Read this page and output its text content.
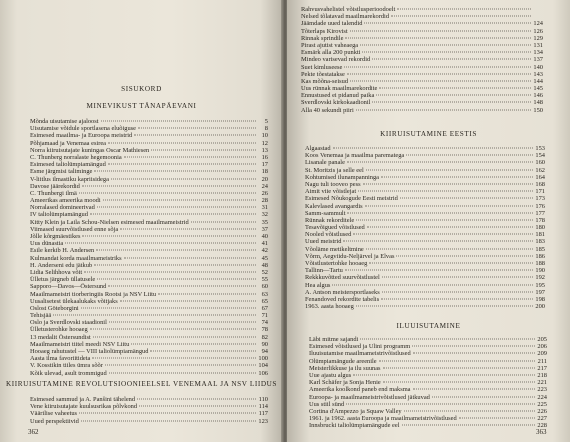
SISUKORD
MINEVIKUST TÄNAPÄEVANI
Mõnda uisutamise ajaloost	5
Uisutamise võidule sportlasena eluõiguse	8
Esimesed maailma- ja Euroopa meistrid	10
Põhjamaad ja Venemaa esirea	12
Norra kiiruisutajate kuningas Oscar Mathiesen	13
C. Thunberg norralaste hegemoonia	16
Esimesed taliolümpiamängud	17
Esme järgmisi taliminge	18
V-liitlus ilmastiku kapriisidega	20
Davose jäärekordid	24
C. Thunbergi ilmä	26
Ameerikas ameerika moodi	28
Norralased domineerivad	31
IV taliolümpiamängud	32
Kitty Klein ja Laila Schou-Nielsen esimesed maailmameistrid	35
Viimased suurvõistlused enne sõja	37
Jõlle kõrgmäestikes	40
Uus dünastia	41
Esile kerkib H. Andersen	42
Kulmandat korda maailmameistriks	45
H. Anderseni edu jätkub	48
Lidia Selihhova võit	52
Ülletus järgneb üllatusele	55
Sapporo—Davos—Östersund	60
Maailmameistri tiorberingiis Rootsi ja NSV Liitu	63
Uusalisetest ülekaalukaks võitjaks	65
Oslost Göteborgini	67
Tehisjää	71
Oslo ja Sverdlovski staadionil	74
Ülletusterohke hooaeg	78
13 medalit Östersundist	82
Maailmameistri tiitel meedi NSV Liitu	90
Hooaeg rahutustel — VIII taliolümpiamängud	94
Aasta ilma favoriitideta	100
V. Kosstikin tiiles ümra sõõr	104
Kõik ulevad, asult trommigud	106
KIIRUISUTAMINE REVOLUTSIOONIEELSEL VENEMAAL JA NSV LIIDUS
Esimesed sammud ja A. Panšini tähelend	110
Vene kiiruisutajate kuulsusrikas põlvkond	114
Väärilise vaheetus	117
Uued perspektiivid	123
362
Rahvusvahelistel võistlusperioodoelt
Nelsed tõlatavad maailmarekordid
Jäämdade uued talendid	124
Tõterlaps Kirovist	126
Rinnak sprindile	129
Pirast ajutist vaheaega	131
Esmärk alla 200 punkti	134
Mindeo varisevad rekordid	137
Suet kimluseese	140
Pekte tõestatakse	143
Kas mõõna-seisud	144
Uus rünnak maailmarekordite	145
Ennustused ei pidanud paika	146
Sverdlovski kirkokaadionil	148
Alla 40 sekundi piiri	150
KIIRUISUTAMINE EESTIS
Algaastad	153
Koos Venemaa ja maailma parematega	154
Lisanale panale	160
St. Moritzis ja selle eel	162
Kohtumised ilunampanninga	164
Nagu tuli tooveo pess	168
Aimit viie võistlejat	171
Esimesed Nõukogude Eesti meistrid	173
Kalevlased avangardis	176
Samm-sammult	177
Rünnak rekorditele	178
Tesavõigued võistlused	180
Nooled võistlused	181
Uued meistrid	183
Võoläme metikeltmine	185
Võrm, Aegviidu-Neljärvel ja Elvas	186
Võistlustertohke hooaeg	188
Tallinn—Tartu	190
Rekkkuvõtted suurvõistlustel	192
Hea algus	195
A. Antson meistersportlaseks	197
Fenandoved rekordite tabelis	198
1963. aasta hooaeg	200
ILUUISUTAMINE
Läbi mitme sajandi	205
Esimesed võistlused ja Ulini programm	206
Iluuisutamise maailmameistrivõistlused	209
Olümpiamängude areenile	211
Meisterlikkuse ja ilu suunas	217
Uue ajastu algus	218
Karl Schäfer ja Sonja Henie	221
Ameerika koolkond paneb end maksma	223
Euroopa- ja maailmameistrivõistlused jätkuvad	224
Uus stiil sünd	225
Cortina d'Ampezzo ja Squaw Valley	226
1961. ja 1962. aasta Euroopa ja maailmameistrivõistlused	227
Innsbrucki taliolümpiamängude eel	228
363
